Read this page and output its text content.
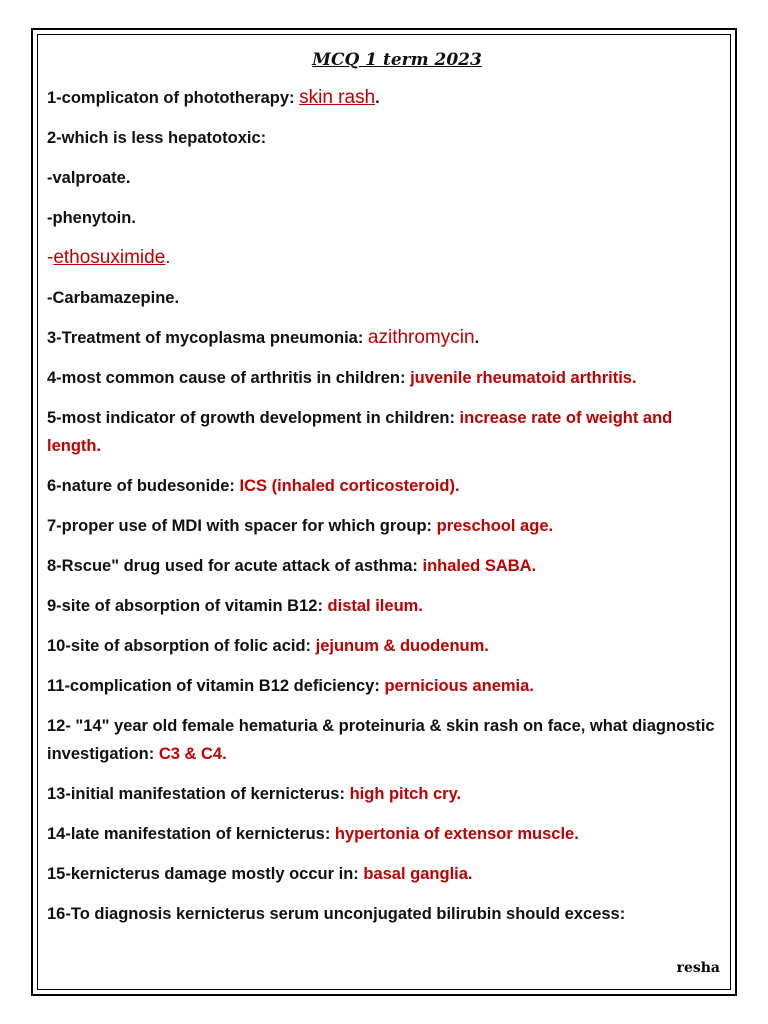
MCQ 1 term 2023

1-complicaton of phototherapy: skin rash.

2-which is less hepatotoxic:

-valproate.

-phenytoin.

-ethosuximide.

-Carbamazepine.

3-Treatment of mycoplasma pneumonia: azithromycin.

4-most common cause of arthritis in children: juvenile rheumatoid arthritis.

5-most indicator of growth development in children: increase rate of weight and length.

6-nature of budesonide: ICS (inhaled corticosteroid).

7-proper use of MDI with spacer for which group: preschool age.

8-Rscue" drug used for acute attack of asthma: inhaled SABA.

9-site of absorption of vitamin B12: distal ileum.

10-site of absorption of folic acid: jejunum & duodenum.

11-complication of vitamin B12 deficiency: pernicious anemia.

12- "14" year old female hematuria & proteinuria & skin rash on face, what diagnostic investigation: C3 & C4.

13-initial manifestation of kernicterus: high pitch cry.

14-late manifestation of kernicterus: hypertonia of extensor muscle.

15-kernicterus damage mostly occur in: basal ganglia.

16-To diagnosis kernicterus serum unconjugated bilirubin should excess:

resha
